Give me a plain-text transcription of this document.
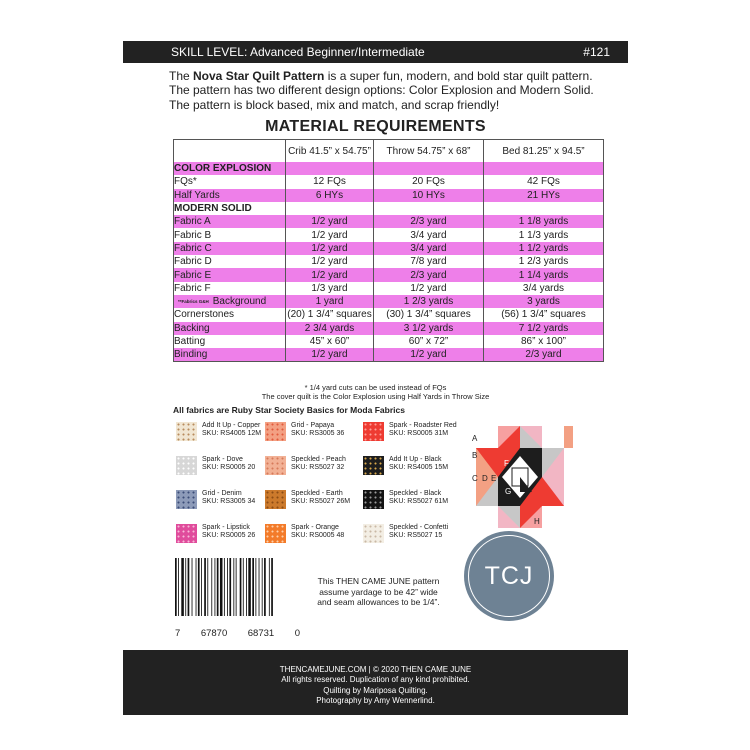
SKILL LEVEL: Advanced Beginner/Intermediate	#121
The Nova Star Quilt Pattern is a super fun, modern, and bold star quilt pattern.
The pattern has two different design options: Color Explosion and Modern Solid.
The pattern is block based, mix and match, and scrap friendly!
MATERIAL REQUIREMENTS
	Crib 41.5” x 54.75”	Throw 54.75” x 68”	Bed 81.25” x 94.5”
COLOR EXPLOSION			
FQs*	12 FQs	20 FQs	42 FQs
Half Yards	6 HYs	10 HYs	21 HYs
MODERN SOLID			
Fabric A	1/2 yard	2/3 yard	1 1/8 yards
Fabric B	1/2 yard	3/4 yard	1 1/3 yards
Fabric C	1/2 yard	3/4 yard	1 1/2 yards
Fabric D	1/2 yard	7/8 yard	1 2/3 yards
Fabric E	1/2 yard	2/3 yard	1 1/4 yards
Fabric F	1/3 yard	1/2 yard	3/4 yards
**Fabrics G&H Background	1 yard	1 2/3 yards	3 yards
Cornerstones	(20) 1 3/4” squares	(30) 1 3/4” squares	(56) 1 3/4” squares
Backing	2 3/4 yards	3 1/2 yards	7 1/2 yards
Batting	45” x 60”	60” x 72”	86” x 100”
Binding	1/2 yard	1/2 yard	2/3 yard
* 1/4 yard cuts can be used instead of FQs
The cover quilt is the Color Explosion using Half Yards in Throw Size
All fabrics are Ruby Star Society Basics for Moda Fabrics
Add It Up - Copper
SKU: RS4005 12M
Spark - Dove
SKU: RS0005 20
Grid - Denim
SKU: RS3005 34
Spark - Lipstick
SKU: RS0005 26
Grid - Papaya
SKU: RS3005 36
Speckled - Peach
SKU: RS5027 32
Speckled - Earth
SKU: RS5027 26M
Spark - Orange
SKU: RS0005 48
Spark - Roadster Red
SKU: RS0005 31M
Add It Up - Black
SKU: RS4005 15M
Speckled - Black
SKU: RS5027 61M
Speckled - Confetti
SKU: RS5027 15
A
B
C D E
F
G
H
7 67870 68731 0
This THEN CAME JUNE pattern
assume yardage to be 42” wide
and seam allowances to be 1/4”.
TCJ
THENCAMEJUNE.COM | © 2020 THEN CAME JUNE
All rights reserved. Duplication of any kind prohibited.
Quilting by Mariposa Quilting.
Photography by Amy Wennerlind.
